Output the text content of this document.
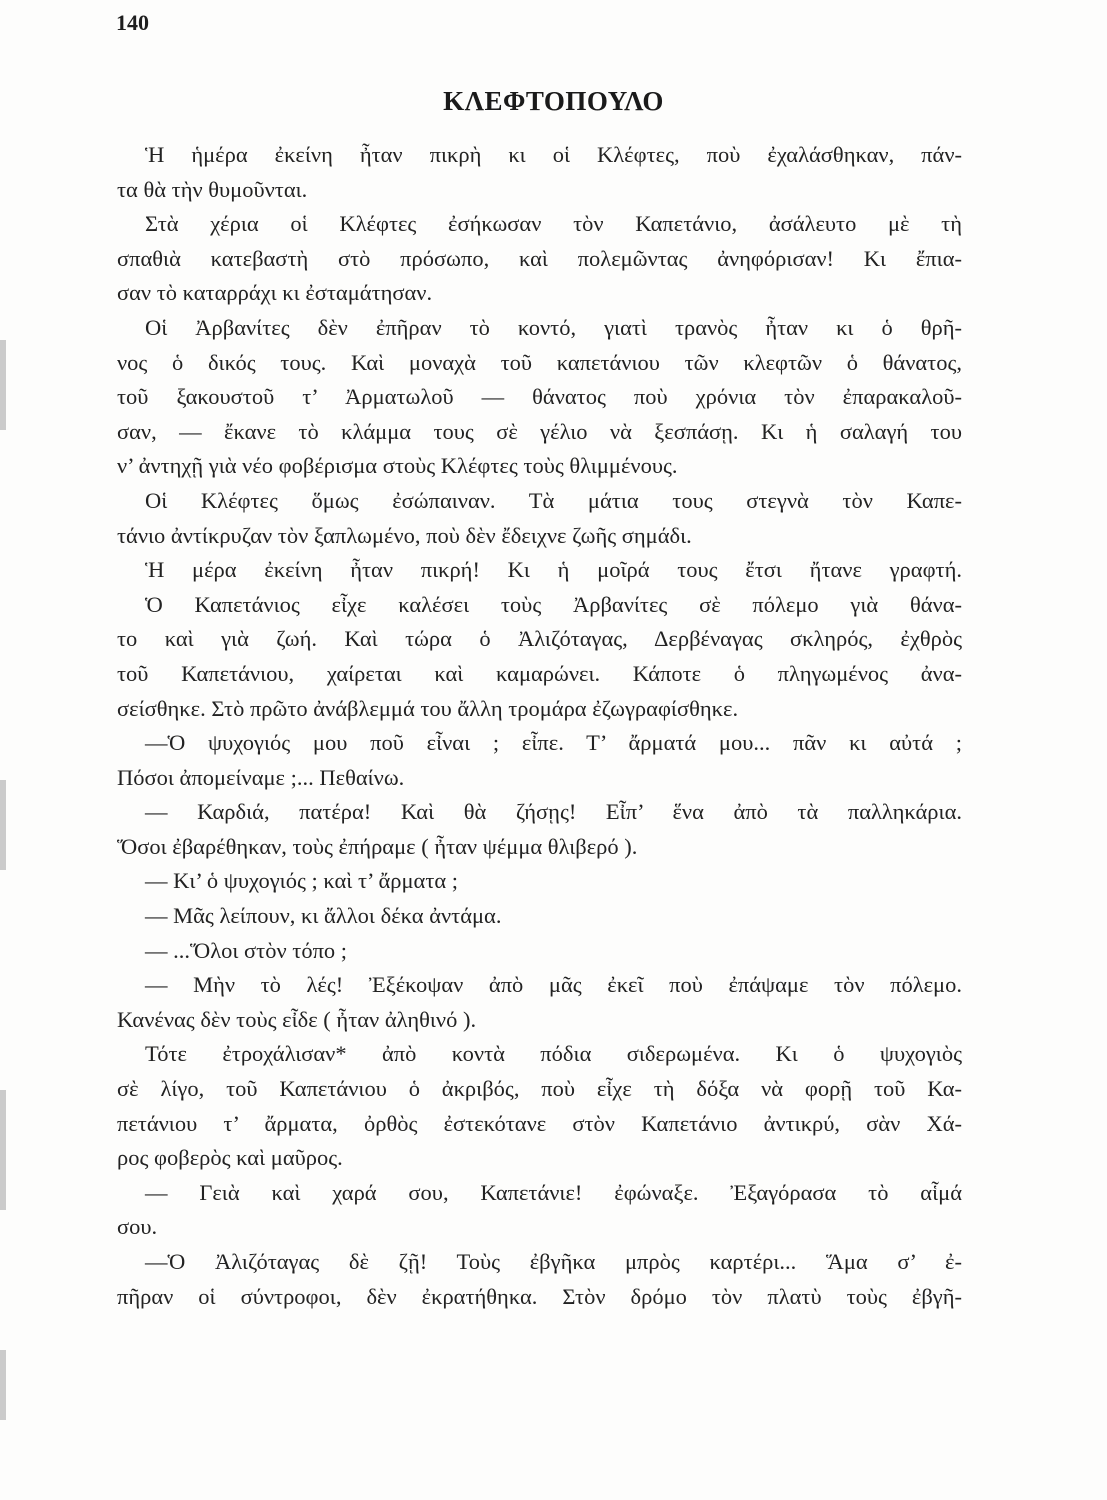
140
ΚΛΕΦΤΟΠΟΥΛΟ
Ἡ ἡμέρα ἐκείνη ἦταν πικρὴ κι οἱ Κλέφτες, ποὺ ἐχαλάσθηκαν, πάν-
τα θὰ τὴν θυμοῦνται.
Στὰ χέρια οἱ Κλέφτες ἐσήκωσαν τὸν Καπετάνιο, ἀσάλευτο μὲ τὴ
σπαθιὰ κατεβαστὴ στὸ πρόσωπο, καὶ πολεμῶντας ἀνηφόρισαν! Κι ἔπια-
σαν τὸ καταρράχι κι ἐσταμάτησαν.
Οἱ Ἀρβανίτες δὲν ἐπῆραν τὸ κοντό, γιατὶ τρανὸς ἦταν κι ὁ θρῆ-
νος ὁ δικός τους. Καὶ μοναχὰ τοῦ καπετάνιου τῶν κλεφτῶν ὁ θάνατος,
τοῦ ξακουστοῦ τ’ Ἀρματωλοῦ — θάνατος ποὺ χρόνια τὸν ἐπαρακαλοῦ-
σαν, — ἔκανε τὸ κλάμμα τους σὲ γέλιο νὰ ξεσπάσῃ. Κι ἡ σαλαγή του
ν’ ἀντηχῇ γιὰ νέο φοβέρισμα στοὺς Κλέφτες τοὺς θλιμμένους.
Οἱ Κλέφτες ὅμως ἐσώπαιναν. Τὰ μάτια τους στεγνὰ τὸν Καπε-
τάνιο ἀντίκρυζαν τὸν ξαπλωμένο, ποὺ δὲν ἔδειχνε ζωῆς σημάδι.
Ἡ μέρα ἐκείνη ἦταν πικρή! Κι ἡ μοῖρά τους ἔτσι ἤτανε γραφτή.
Ὁ Καπετάνιος εἶχε καλέσει τοὺς Ἀρβανίτες σὲ πόλεμο γιὰ θάνα-
το καὶ γιὰ ζωή. Καὶ τώρα ὁ Ἀλιζόταγας, Δερβέναγας σκληρός, ἐχθρὸς
τοῦ Καπετάνιου, χαίρεται καὶ καμαρώνει. Κάποτε ὁ πληγωμένος ἀνα-
σείσθηκε. Στὸ πρῶτο ἀνάβλεμμά του ἄλλη τρομάρα ἐζωγραφίσθηκε.
—Ὁ ψυχογιός μου ποῦ εἶναι ; εἶπε. Τ’ ἄρματά μου... πᾶν κι αὐτά ;
Πόσοι ἀπομείναμε ;... Πεθαίνω.
— Καρδιά, πατέρα! Καὶ θὰ ζήσῃς! Εἶπ’ ἕνα ἀπὸ τὰ παλληκάρια.
Ὅσοι ἐβαρέθηκαν, τοὺς ἐπήραμε ( ἦταν ψέμμα θλιβερό ).
— Κι’ ὁ ψυχογιός ; καὶ τ’ ἄρματα ;
— Μᾶς λείπουν, κι ἄλλοι δέκα ἀντάμα.
— ...Ὅλοι στὸν τόπο ;
— Μὴν τὸ λές! Ἐξέκοψαν ἀπὸ μᾶς ἐκεῖ ποὺ ἐπάψαμε τὸν πόλεμο.
Κανένας δὲν τοὺς εἶδε ( ἦταν ἀληθινό ).
Τότε ἐτροχάλισαν* ἀπὸ κοντὰ πόδια σιδερωμένα. Κι ὁ ψυχογιὸς
σὲ λίγο, τοῦ Καπετάνιου ὁ ἀκριβός, ποὺ εἶχε τὴ δόξα νὰ φορῇ τοῦ Κα-
πετάνιου τ’ ἄρματα, ὀρθὸς ἐστεκότανε στὸν Καπετάνιο ἀντικρύ, σὰν Χά-
ρος φοβερὸς καὶ μαῦρος.
— Γειὰ καὶ χαρά σου, Καπετάνιε! ἐφώναξε. Ἐξαγόρασα τὸ αἷμά
σου.
—Ὁ Ἀλιζόταγας δὲ ζῇ! Τοὺς ἐβγῆκα μπρὸς καρτέρι... Ἅμα σ’ ἐ-
πῆραν οἱ σύντροφοι, δὲν ἐκρατήθηκα. Στὸν δρόμο τὸν πλατὺ τοὺς ἐβγῆ-
